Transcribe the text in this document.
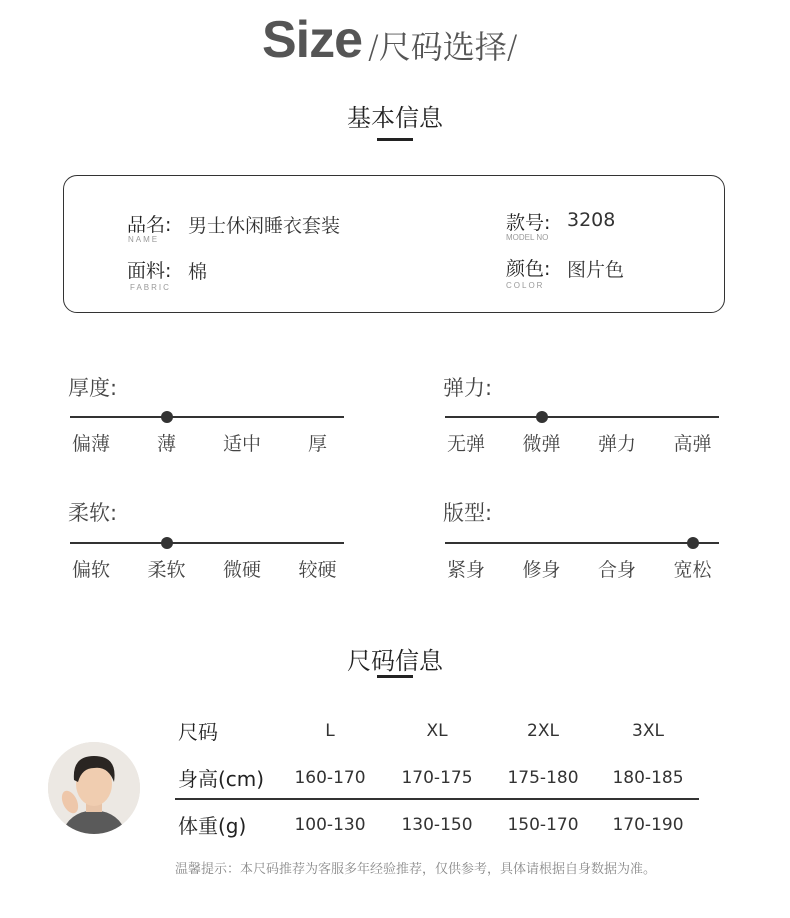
Size /尺码选择/
基本信息
品名: 男士休闲睡衣套装
NAME
面料: 棉
FABRIC
款号: 3208
MODEL NO
颜色: 图片色
COLOR
厚度:
偏薄	薄	适中	厚
弹力:
无弹	微弹	弹力	高弹
柔软:
偏软	柔软	微硬	较硬
版型:
紧身	修身	合身	宽松
尺码信息
尺码	L	XL	2XL	3XL
身高(cm)	160-170	170-175	175-180	180-185
体重(g)	100-130	130-150	150-170	170-190
温馨提示：本尺码推荐为客服多年经验推荐，仅供参考，具体请根据自身数据为准。
